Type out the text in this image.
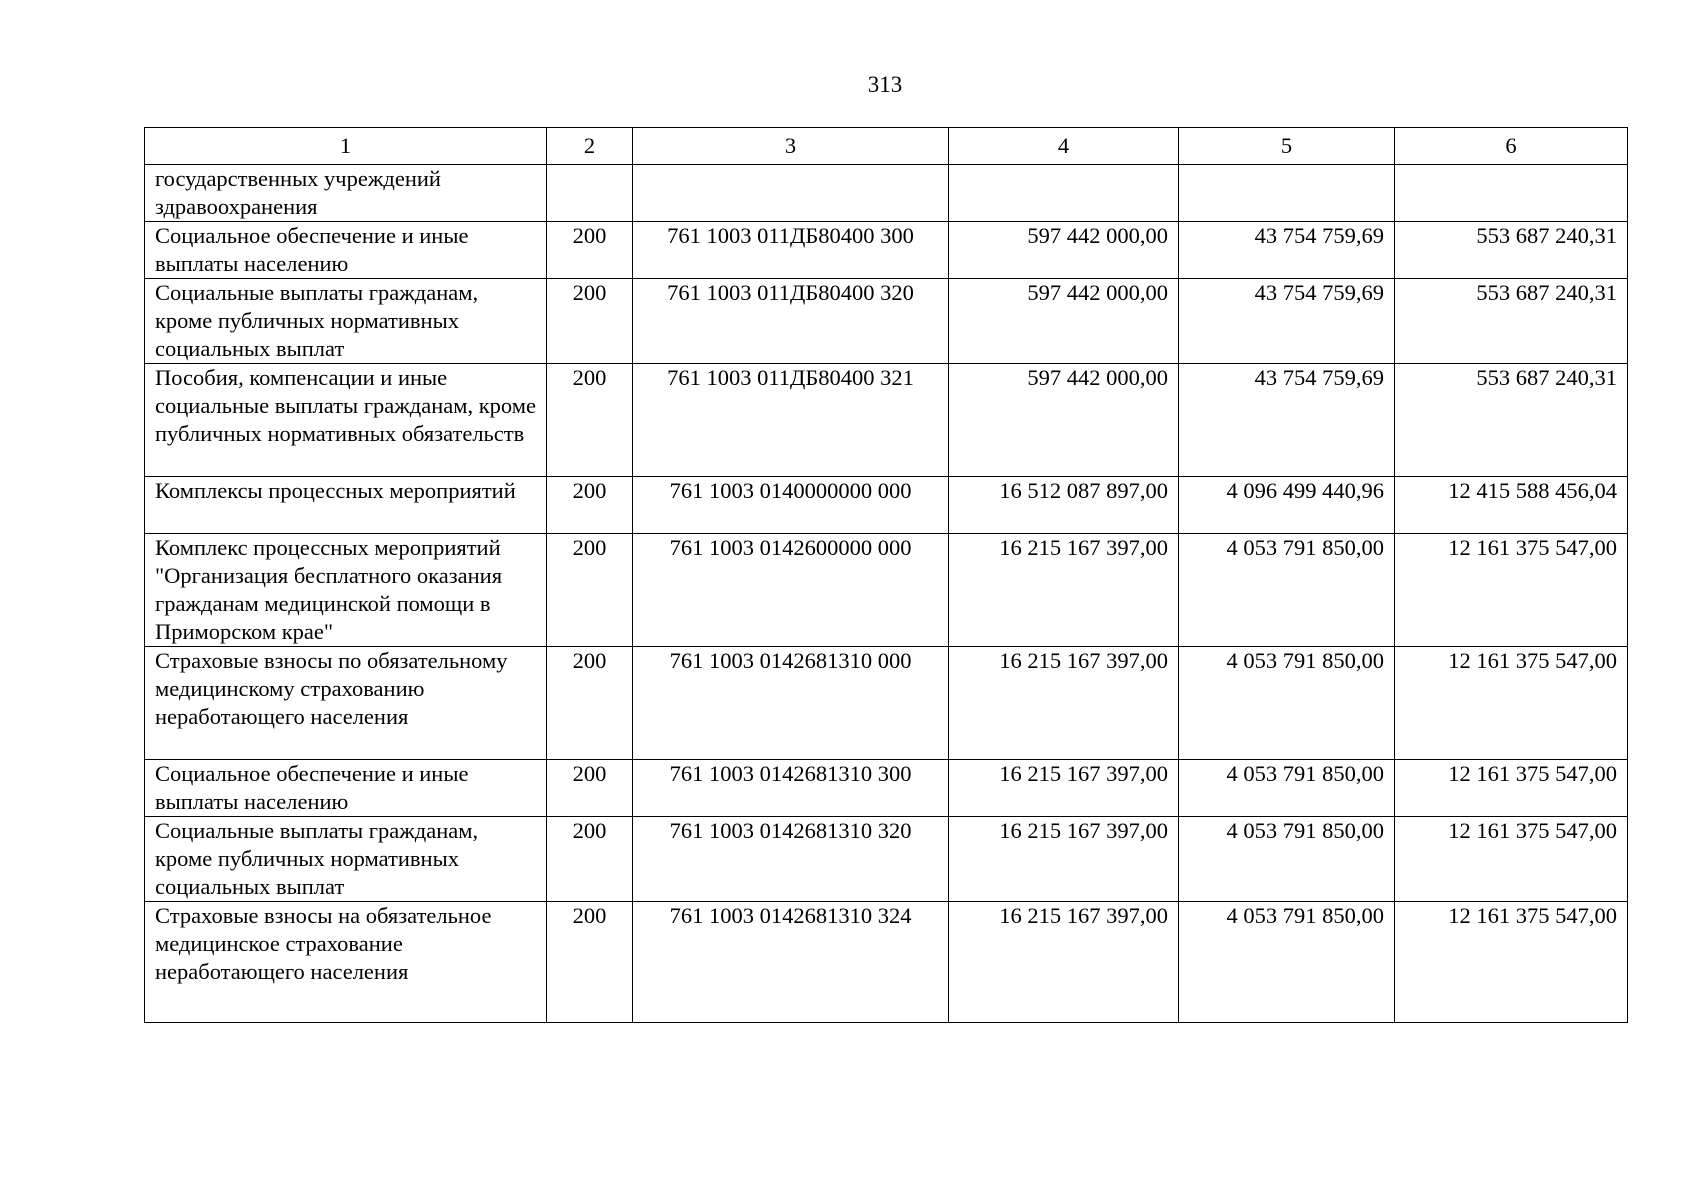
313
1	2	3	4	5	6
государственных учреждений здравоохранения					
Социальное обеспечение и иные выплаты населению	200	761 1003 011ДБ80400 300	597 442 000,00	43 754 759,69	553 687 240,31
Социальные выплаты гражданам, кроме публичных нормативных социальных выплат	200	761 1003 011ДБ80400 320	597 442 000,00	43 754 759,69	553 687 240,31
Пособия, компенсации и иные социальные выплаты гражданам, кроме публичных нормативных обязательств	200	761 1003 011ДБ80400 321	597 442 000,00	43 754 759,69	553 687 240,31
Комплексы процессных мероприятий	200	761 1003 0140000000 000	16 512 087 897,00	4 096 499 440,96	12 415 588 456,04
Комплекс процессных мероприятий "Организация бесплатного оказания гражданам медицинской помощи в Приморском крае"	200	761 1003 0142600000 000	16 215 167 397,00	4 053 791 850,00	12 161 375 547,00
Страховые взносы по обязательному медицинскому страхованию неработающего населения	200	761 1003 0142681310 000	16 215 167 397,00	4 053 791 850,00	12 161 375 547,00
Социальное обеспечение и иные выплаты населению	200	761 1003 0142681310 300	16 215 167 397,00	4 053 791 850,00	12 161 375 547,00
Социальные выплаты гражданам, кроме публичных нормативных социальных выплат	200	761 1003 0142681310 320	16 215 167 397,00	4 053 791 850,00	12 161 375 547,00
Страховые взносы на обязательное медицинское страхование неработающего населения	200	761 1003 0142681310 324	16 215 167 397,00	4 053 791 850,00	12 161 375 547,00
